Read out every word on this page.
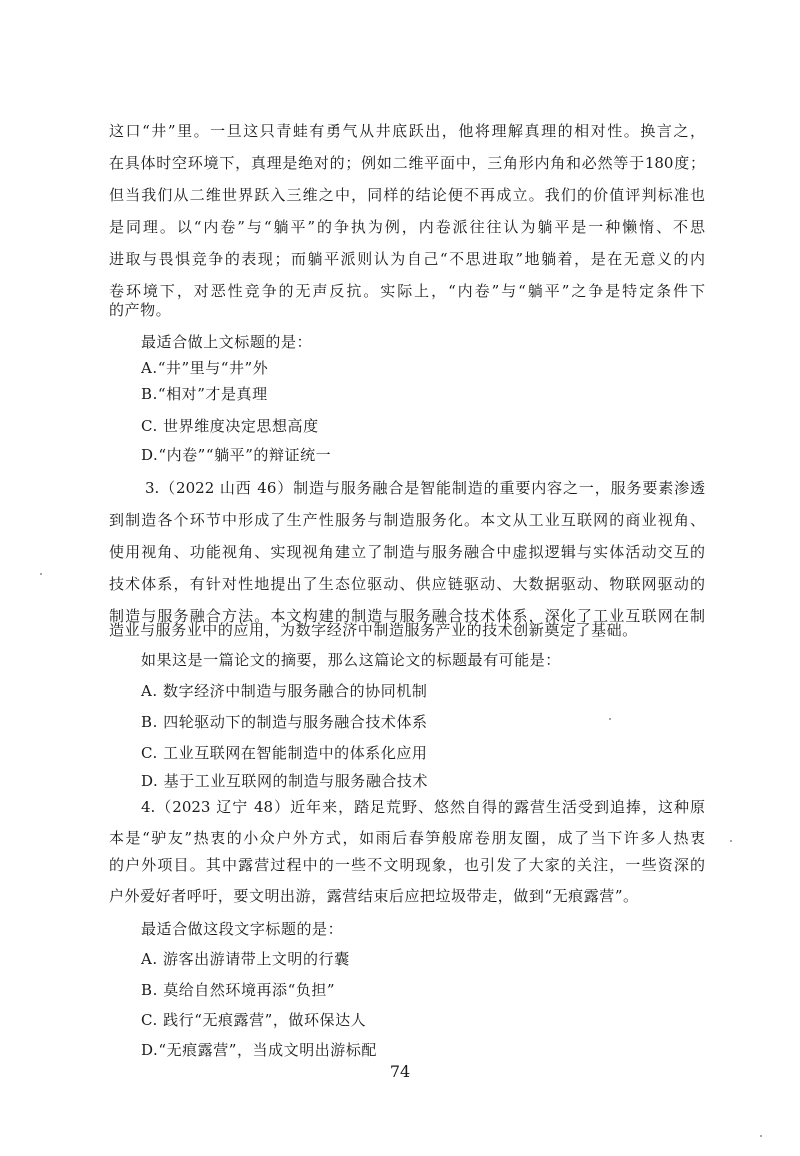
这口“井”里。一旦这只青蛙有勇气从井底跃出，他将理解真理的相对性。换言之，
在具体时空环境下，真理是绝对的；例如二维平面中，三角形内角和必然等于180度；
但当我们从二维世界跃入三维之中，同样的结论便不再成立。我们的价值评判标准也
是同理。以“内卷”与“躺平”的争执为例，内卷派往往认为躺平是一种懒惰、不思
进取与畏惧竞争的表现；而躺平派则认为自己“不思进取”地躺着，是在无意义的内
卷环境下，对恶性竞争的无声反抗。实际上，“内卷”与“躺平”之争是特定条件下
的产物。
最适合做上文标题的是：
A.“井”里与“井”外
B.“相对”才是真理
C. 世界维度决定思想高度
D.“内卷”“躺平”的辩证统一
3.（2022 山西 46）制造与服务融合是智能制造的重要内容之一，服务要素渗透
到制造各个环节中形成了生产性服务与制造服务化。本文从工业互联网的商业视角、
使用视角、功能视角、实现视角建立了制造与服务融合中虚拟逻辑与实体活动交互的
技术体系，有针对性地提出了生态位驱动、供应链驱动、大数据驱动、物联网驱动的
制造与服务融合方法。本文构建的制造与服务融合技术体系，深化了工业互联网在制
造业与服务业中的应用，为数字经济中制造服务产业的技术创新奠定了基础。
如果这是一篇论文的摘要，那么这篇论文的标题最有可能是：
A. 数字经济中制造与服务融合的协同机制
B. 四轮驱动下的制造与服务融合技术体系
C. 工业互联网在智能制造中的体系化应用
D. 基于工业互联网的制造与服务融合技术
4.（2023 辽宁 48）近年来，踏足荒野、悠然自得的露营生活受到追捧，这种原
本是“驴友”热衷的小众户外方式，如雨后春笋般席卷朋友圈，成了当下许多人热衷
的户外项目。其中露营过程中的一些不文明现象，也引发了大家的关注，一些资深的
户外爱好者呼吁，要文明出游，露营结束后应把垃圾带走，做到“无痕露营”。
最适合做这段文字标题的是：
A. 游客出游请带上文明的行囊
B. 莫给自然环境再添“负担”
C. 践行“无痕露营”，做环保达人
D.“无痕露营”，当成文明出游标配
74
